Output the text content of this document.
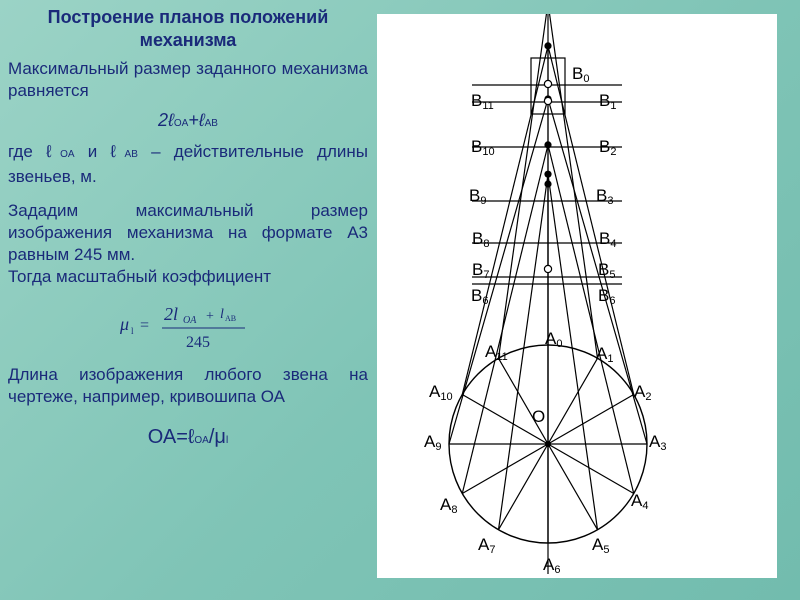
Построение планов положений механизма
Максимальный размер заданного механизма равняется
2ℓOA+ℓAB
где ℓOA и ℓAB – действительные длины звеньев, м.
Зададим максимальный размер изображения механизма на формате А3 равным 245 мм.
Тогда масштабный коэффициент
μ l =
2l OA + l AB
245
Длина изображения любого звена на чертеже, например, кривошипа ОА
ОА=ℓOA/μl
O
A0 A1
A2
A3
A4
A5
A6
A7
A8
A9
A10
A11
B0
B1
B2
B3
B4
B5
B6
B6
B7
B8
B9
B10
B11
